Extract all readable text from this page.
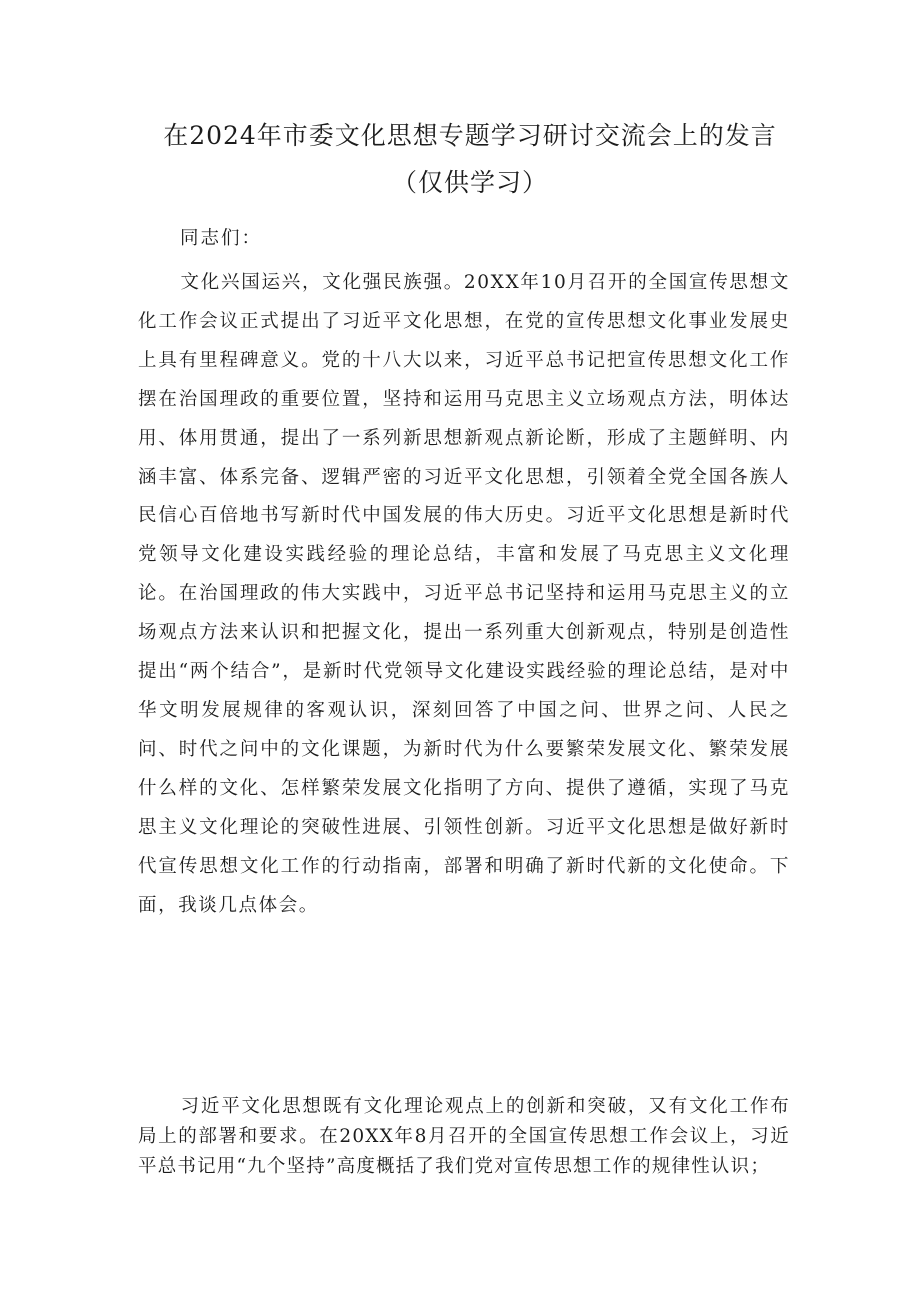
在2024年市委文化思想专题学习研讨交流会上的发言（仅供学习）

同志们：

文化兴国运兴，文化强民族强。20XX年10月召开的全国宣传思想文化工作会议正式提出了习近平文化思想，在党的宣传思想文化事业发展史上具有里程碑意义。党的十八大以来，习近平总书记把宣传思想文化工作摆在治国理政的重要位置，坚持和运用马克思主义立场观点方法，明体达用、体用贯通，提出了一系列新思想新观点新论断，形成了主题鲜明、内涵丰富、体系完备、逻辑严密的习近平文化思想，引领着全党全国各族人民信心百倍地书写新时代中国发展的伟大历史。习近平文化思想是新时代党领导文化建设实践经验的理论总结，丰富和发展了马克思主义文化理论。在治国理政的伟大实践中，习近平总书记坚持和运用马克思主义的立场观点方法来认识和把握文化，提出一系列重大创新观点，特别是创造性提出“两个结合”，是新时代党领导文化建设实践经验的理论总结，是对中华文明发展规律的客观认识，深刻回答了中国之问、世界之问、人民之问、时代之问中的文化课题，为新时代为什么要繁荣发展文化、繁荣发展什么样的文化、怎样繁荣发展文化指明了方向、提供了遵循，实现了马克思主义文化理论的突破性进展、引领性创新。习近平文化思想是做好新时代宣传思想文化工作的行动指南，部署和明确了新时代新的文化使命。下面，我谈几点体会。

习近平文化思想既有文化理论观点上的创新和突破，又有文化工作布局上的部署和要求。在20XX年8月召开的全国宣传思想工作会议上，习近平总书记用“九个坚持”高度概括了我们党对宣传思想工作的规律性认识；
